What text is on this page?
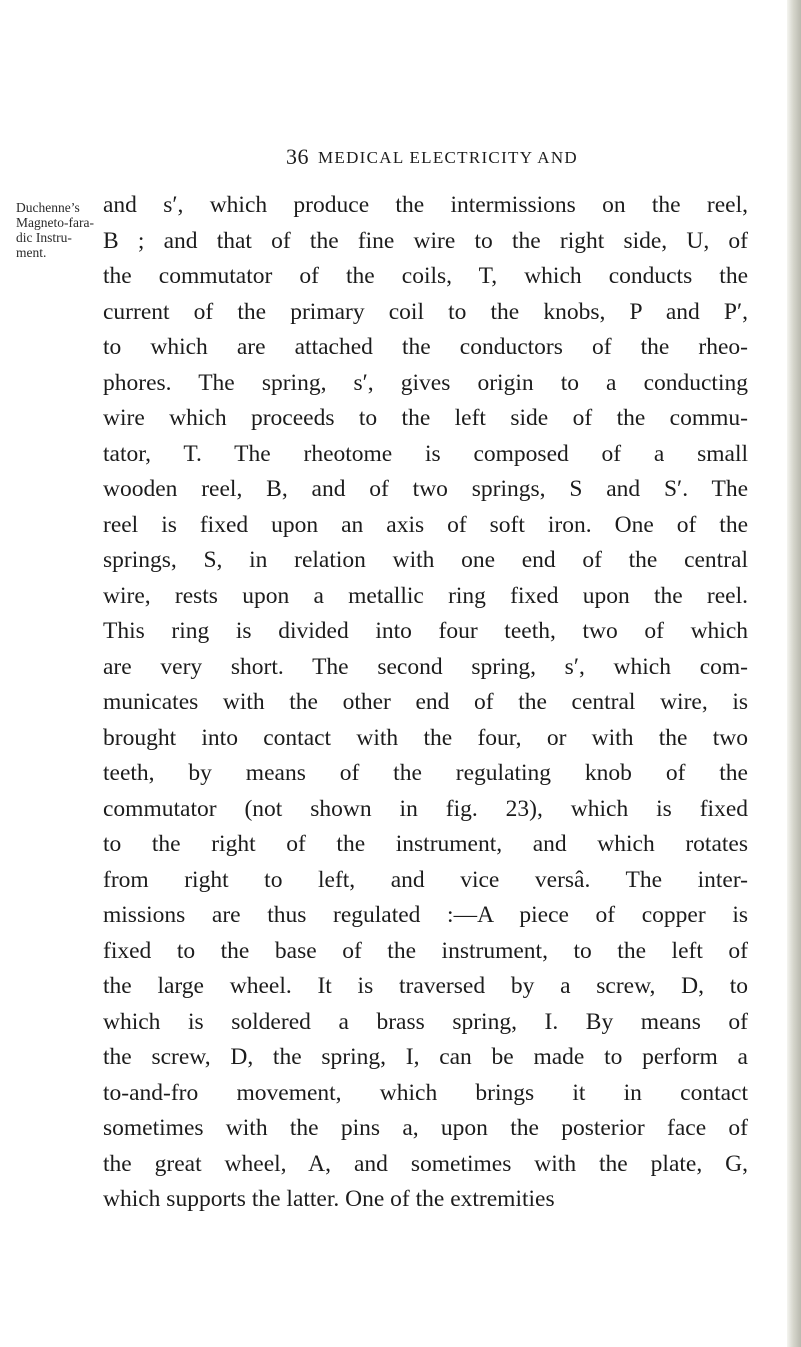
36 MEDICAL ELECTRICITY AND
Duchenne’s
Magneto-fara-
dic Instru-
ment.
and s′, which produce the intermissions on the reel,
B ; and that of the fine wire to the right side, U, of
the commutator of the coils, T, which conducts the
current of the primary coil to the knobs, P and P′,
to which are attached the conductors of the rheo-
phores. The spring, s′, gives origin to a conducting
wire which proceeds to the left side of the commu-
tator, T. The rheotome is composed of a small
wooden reel, B, and of two springs, S and S′. The
reel is fixed upon an axis of soft iron. One of the
springs, S, in relation with one end of the central
wire, rests upon a metallic ring fixed upon the reel.
This ring is divided into four teeth, two of which
are very short. The second spring, s′, which com-
municates with the other end of the central wire, is
brought into contact with the four, or with the two
teeth, by means of the regulating knob of the
commutator (not shown in fig. 23), which is fixed
to the right of the instrument, and which rotates
from right to left, and vice versâ. The inter-
missions are thus regulated :—A piece of copper is
fixed to the base of the instrument, to the left of
the large wheel. It is traversed by a screw, D, to
which is soldered a brass spring, I. By means of
the screw, D, the spring, I, can be made to perform a
to-and-fro movement, which brings it in contact
sometimes with the pins a, upon the posterior face of
the great wheel, A, and sometimes with the plate, G,
which supports the latter. One of the extremities
